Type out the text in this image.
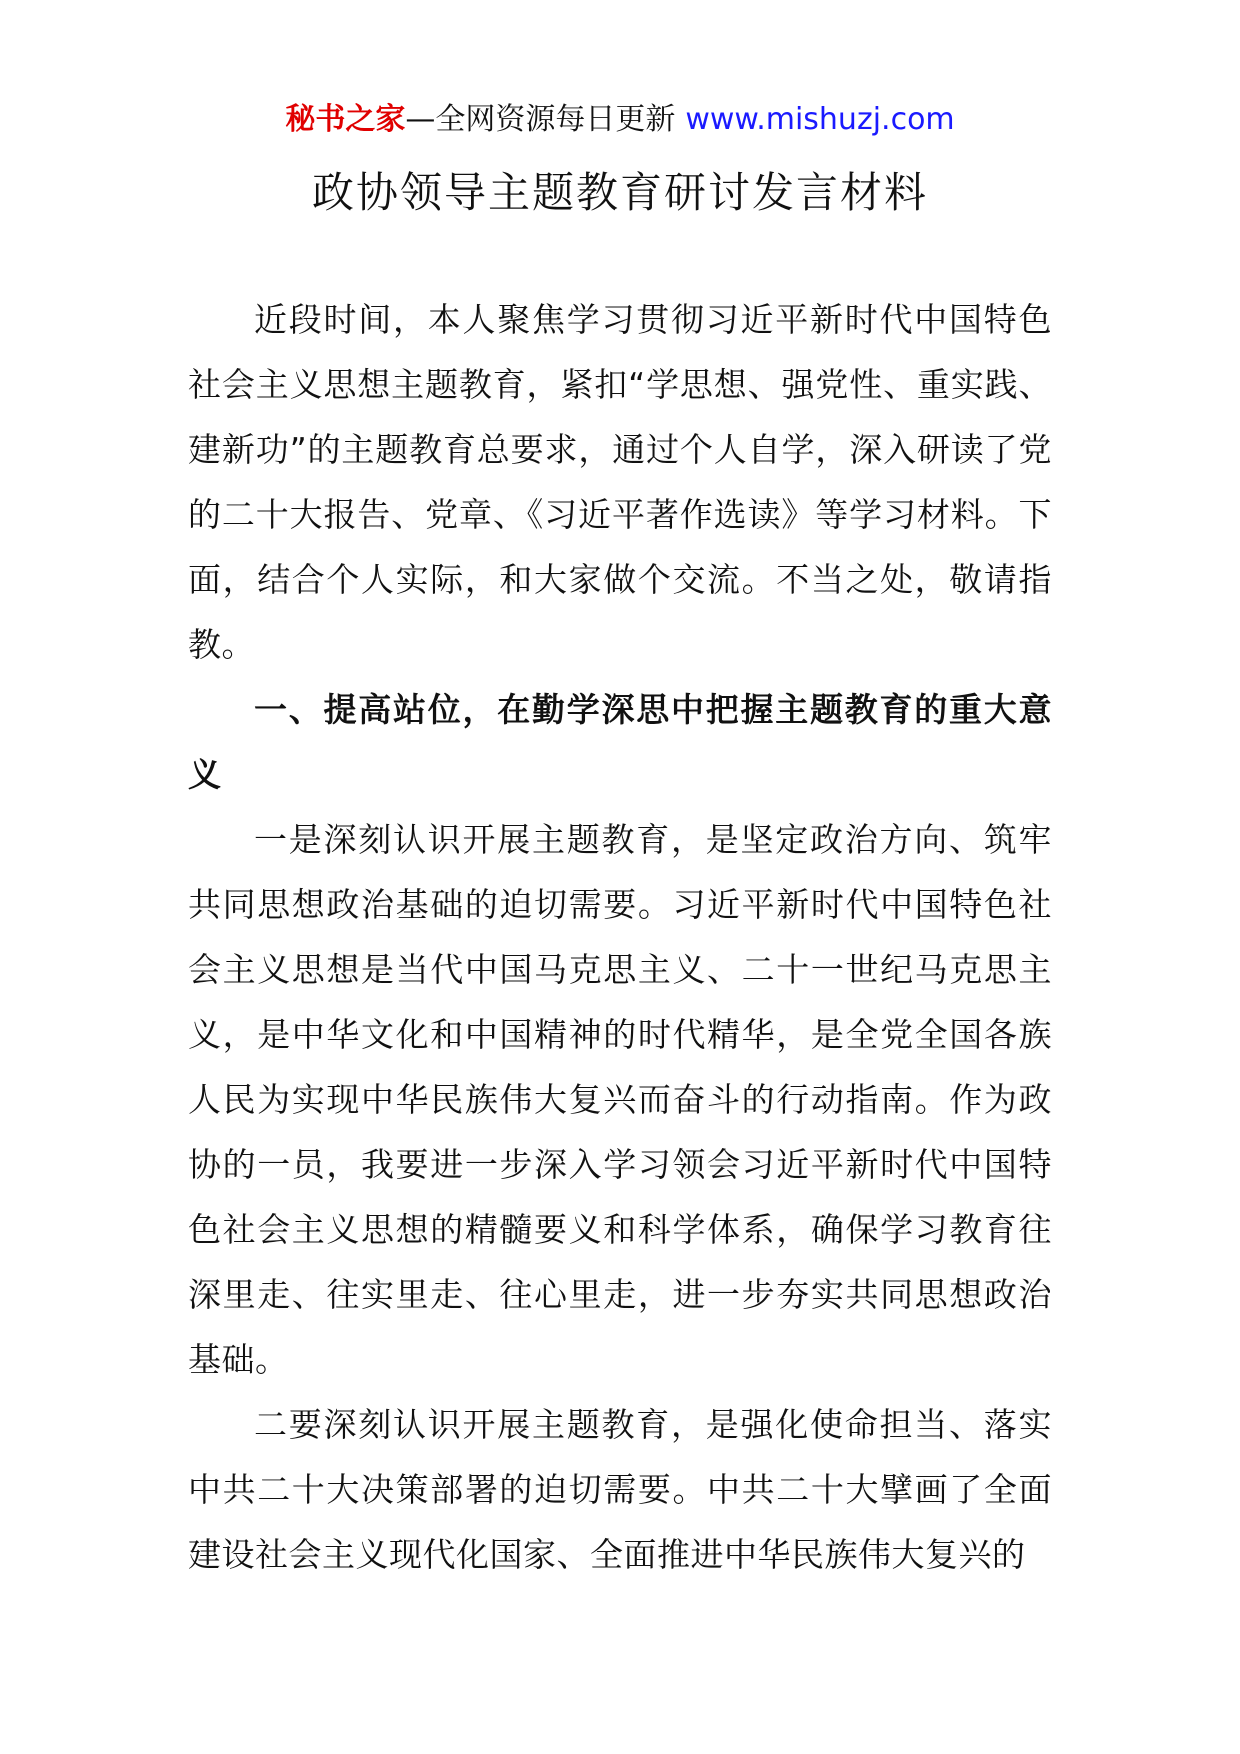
秘书之家—全网资源每日更新 www.mishuzj.com
政协领导主题教育研讨发言材料

近段时间，本人聚焦学习贯彻习近平新时代中国特色社会主义思想主题教育，紧扣“学思想、强党性、重实践、建新功”的主题教育总要求，通过个人自学，深入研读了党的二十大报告、党章、《习近平著作选读》等学习材料。下面，结合个人实际，和大家做个交流。不当之处，敬请指教。

一、提高站位，在勤学深思中把握主题教育的重大意义

一是深刻认识开展主题教育，是坚定政治方向、筑牢共同思想政治基础的迫切需要。习近平新时代中国特色社会主义思想是当代中国马克思主义、二十一世纪马克思主义，是中华文化和中国精神的时代精华，是全党全国各族人民为实现中华民族伟大复兴而奋斗的行动指南。作为政协的一员，我要进一步深入学习领会习近平新时代中国特色社会主义思想的精髓要义和科学体系，确保学习教育往深里走、往实里走、往心里走，进一步夯实共同思想政治基础。

二要深刻认识开展主题教育，是强化使命担当、落实中共二十大决策部署的迫切需要。中共二十大擘画了全面建设社会主义现代化国家、全面推进中华民族伟大复兴的
